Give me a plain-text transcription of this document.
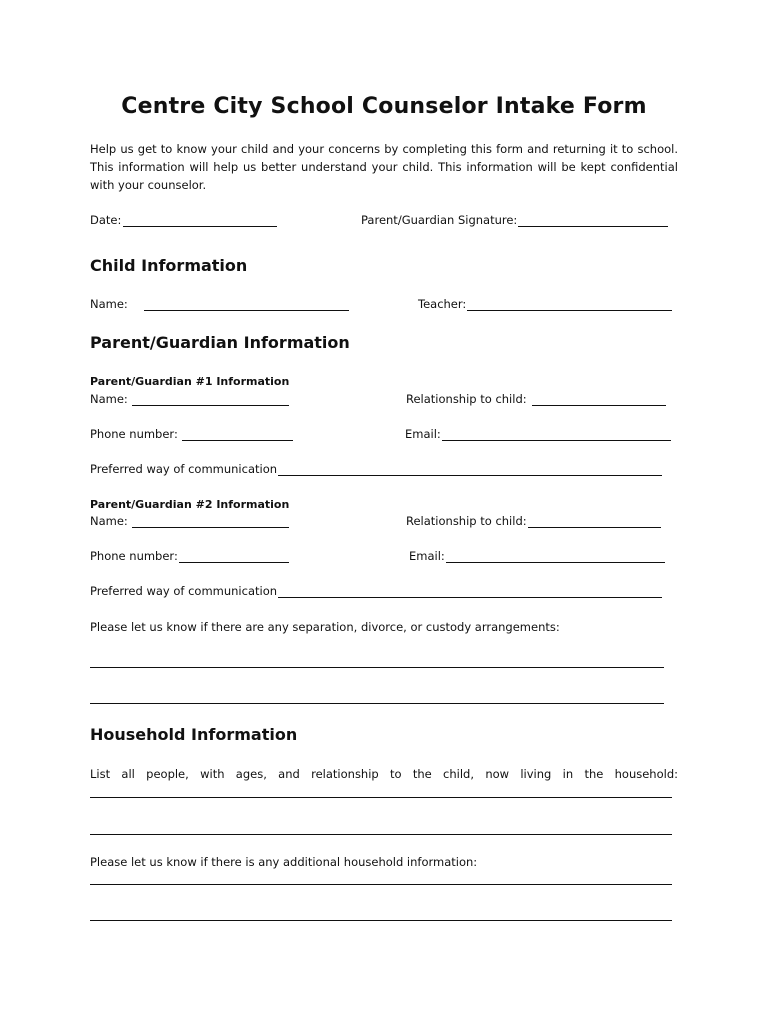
Centre City School Counselor Intake Form
Help us get to know your child and your concerns by completing this form and returning it to school. This information will help us better understand your child. This information will be kept confidential with your counselor.
Date:	Parent/Guardian Signature:
Child Information
Name:	Teacher:
Parent/Guardian Information
Parent/Guardian #1 Information
Name:	Relationship to child:
Phone number:	Email:
Preferred way of communication
Parent/Guardian #2 Information
Name:	Relationship to child:
Phone number:	Email:
Preferred way of communication
Please let us know if there are any separation, divorce, or custody arrangements:
Household Information
List all people, with ages, and relationship to the child, now living in the household:
Please let us know if there is any additional household information:
